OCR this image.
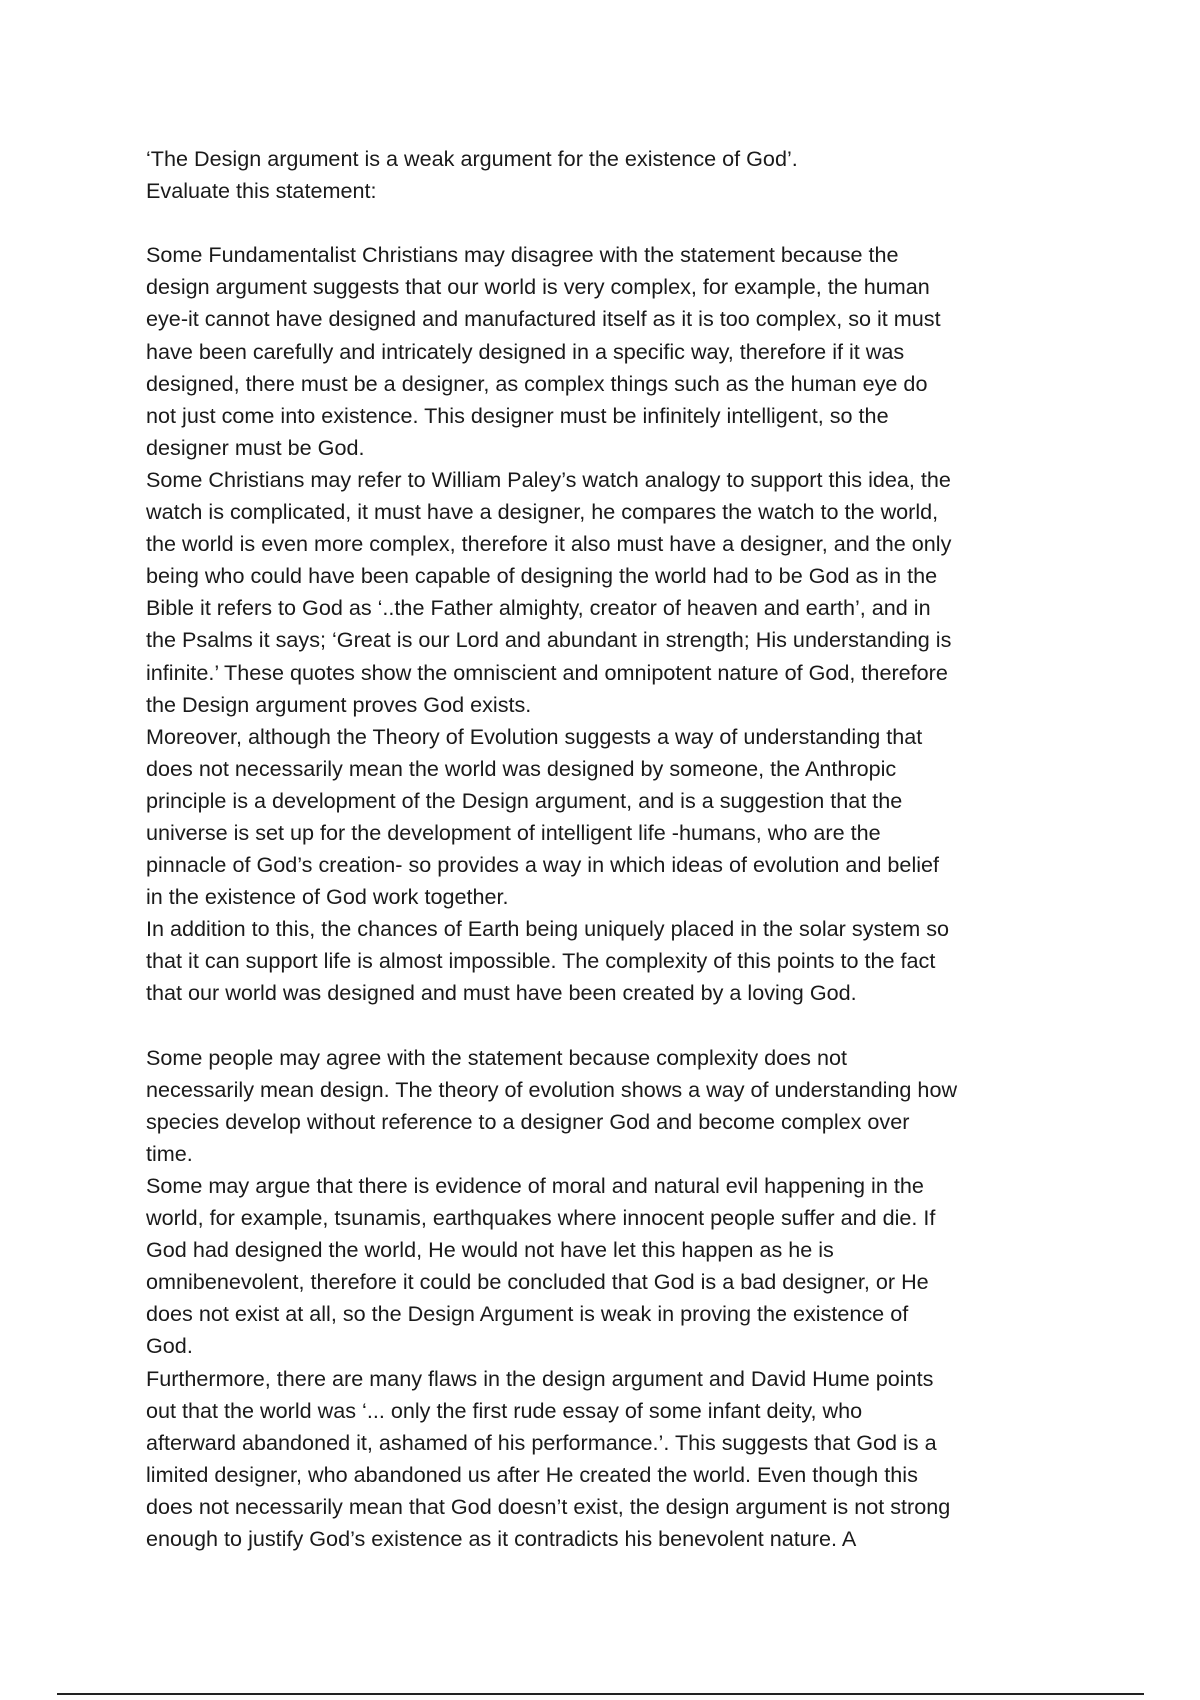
‘The Design argument is a weak argument for the existence of God’.
Evaluate this statement:
Some Fundamentalist Christians may disagree with the statement because the
design argument suggests that our world is very complex, for example, the human
eye-it cannot have designed and manufactured itself as it is too complex, so it must
have been carefully and intricately designed in a specific way, therefore if it was
designed, there must be a designer, as complex things such as the human eye do
not just come into existence. This designer must be infinitely intelligent, so the
designer must be God.
Some Christians may refer to William Paley’s watch analogy to support this idea, the
watch is complicated, it must have a designer, he compares the watch to the world,
the world is even more complex, therefore it also must have a designer, and the only
being who could have been capable of designing the world had to be God as in the
Bible it refers to God as ‘..the Father almighty, creator of heaven and earth’, and in
the Psalms it says; ‘Great is our Lord and abundant in strength; His understanding is
infinite.’ These quotes show the omniscient and omnipotent nature of God, therefore
the Design argument proves God exists.
Moreover, although the Theory of Evolution suggests a way of understanding that
does not necessarily mean the world was designed by someone, the Anthropic
principle is a development of the Design argument, and is a suggestion that the
universe is set up for the development of intelligent life -humans, who are the
pinnacle of God’s creation- so provides a way in which ideas of evolution and belief
in the existence of God work together.
In addition to this, the chances of Earth being uniquely placed in the solar system so
that it can support life is almost impossible. The complexity of this points to the fact
that our world was designed and must have been created by a loving God.
Some people may agree with the statement because complexity does not
necessarily mean design. The theory of evolution shows a way of understanding how
species develop without reference to a designer God and become complex over
time.
Some may argue that there is evidence of moral and natural evil happening in the
world, for example, tsunamis, earthquakes where innocent people suffer and die. If
God had designed the world, He would not have let this happen as he is
omnibenevolent, therefore it could be concluded that God is a bad designer, or He
does not exist at all, so the Design Argument is weak in proving the existence of
God.
Furthermore, there are many flaws in the design argument and David Hume points
out that the world was ‘... only the first rude essay of some infant deity, who
afterward abandoned it, ashamed of his performance.’. This suggests that God is a
limited designer, who abandoned us after He created the world. Even though this
does not necessarily mean that God doesn’t exist, the design argument is not strong
enough to justify God’s existence as it contradicts his benevolent nature. A
